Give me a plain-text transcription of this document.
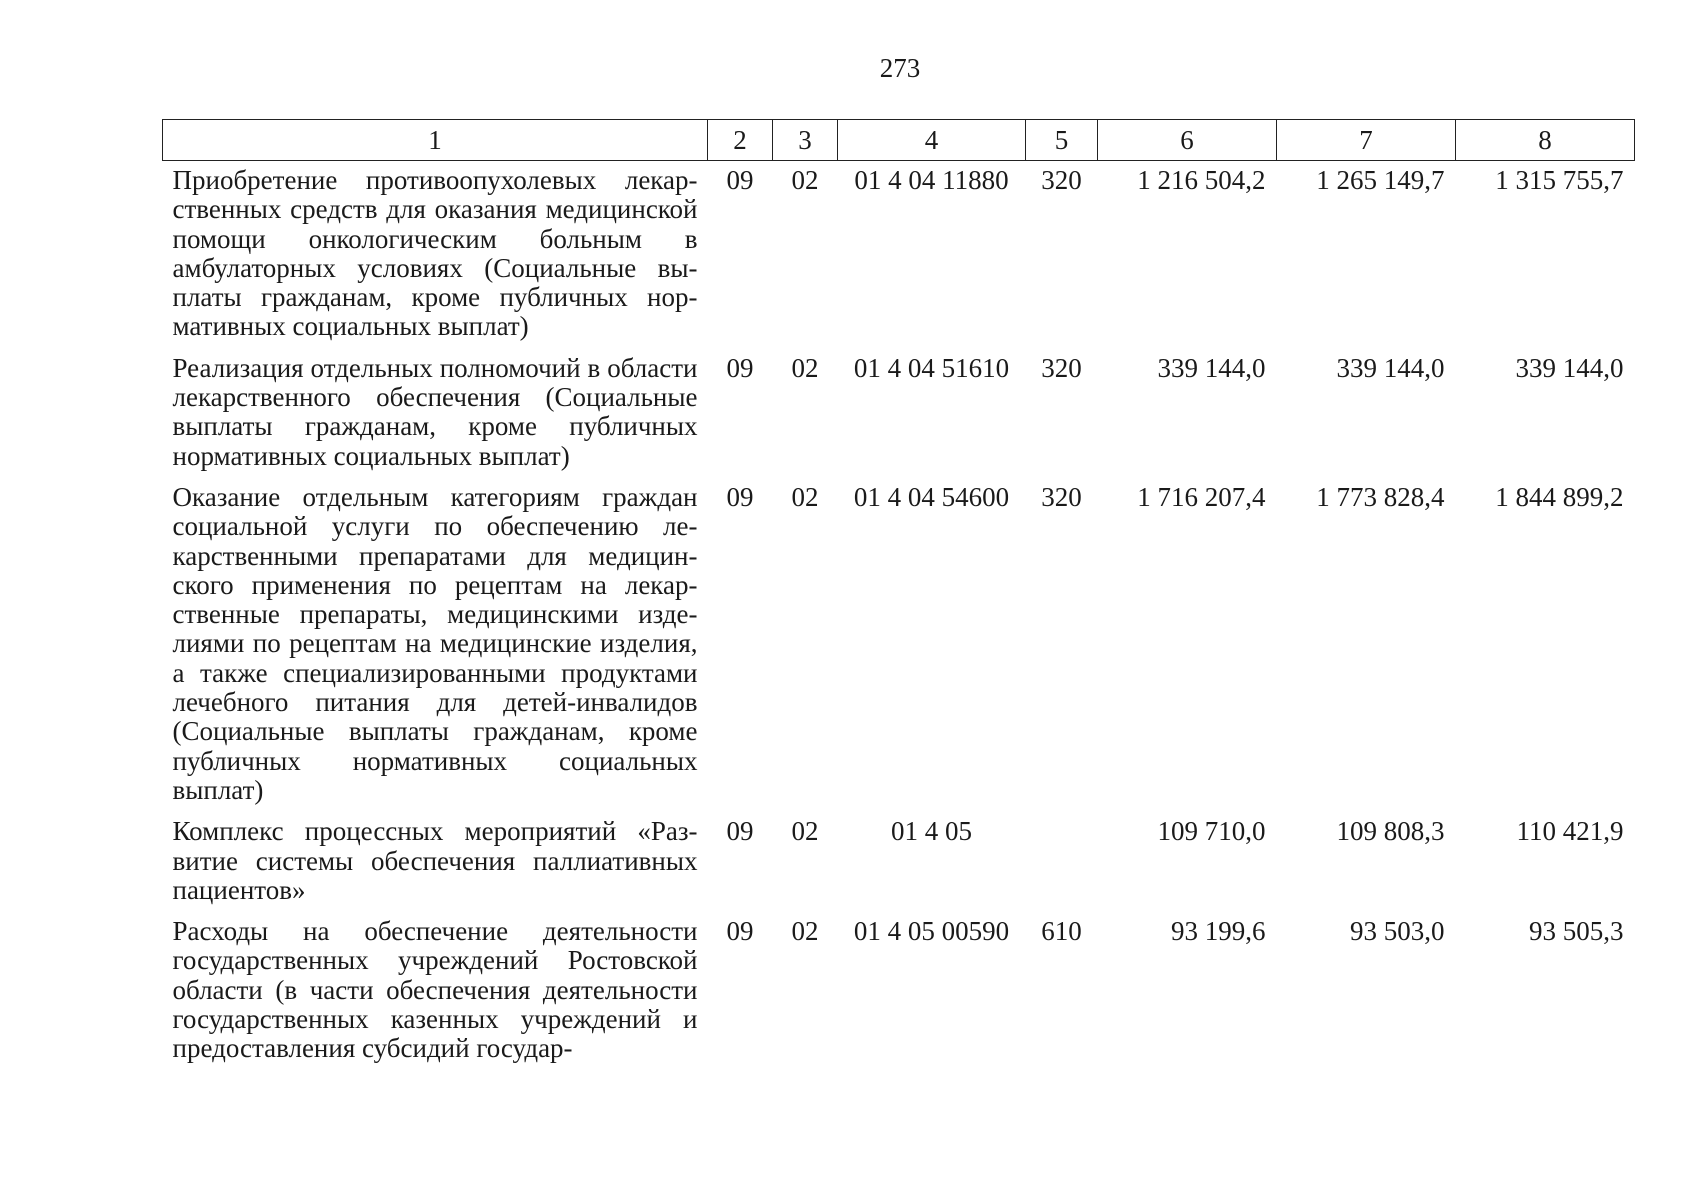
273
1	2	3	4	5	6	7	8
Приобретение противоопухолевых лекарственных средств для оказания медицинской помощи онкологическим больным в амбулаторных условиях (Социальные выплаты гражданам, кроме публичных нормативных социальных выплат)	09	02	01 4 04 11880	320	1 216 504,2	1 265 149,7	1 315 755,7
Реализация отдельных полномочий в области лекарственного обеспечения (Социальные выплаты гражданам, кроме публичных нормативных социальных выплат)	09	02	01 4 04 51610	320	339 144,0	339 144,0	339 144,0
Оказание отдельным категориям граждан социальной услуги по обеспечению лекарственными препаратами для медицинского применения по рецептам на лекарственные препараты, медицинскими изделиями по рецептам на медицинские изделия, а также специализированными продуктами лечебного питания для детей-инвалидов (Социальные выплаты гражданам, кроме публичных нормативных социальных выплат)	09	02	01 4 04 54600	320	1 716 207,4	1 773 828,4	1 844 899,2
Комплекс процессных мероприятий «Развитие системы обеспечения паллиативных пациентов»	09	02	01 4 05		109 710,0	109 808,3	110 421,9
Расходы на обеспечение деятельности государственных учреждений Ростовской области (в части обеспечения деятельности государственных казенных учреждений и предоставления субсидий государ-	09	02	01 4 05 00590	610	93 199,6	93 503,0	93 505,3
